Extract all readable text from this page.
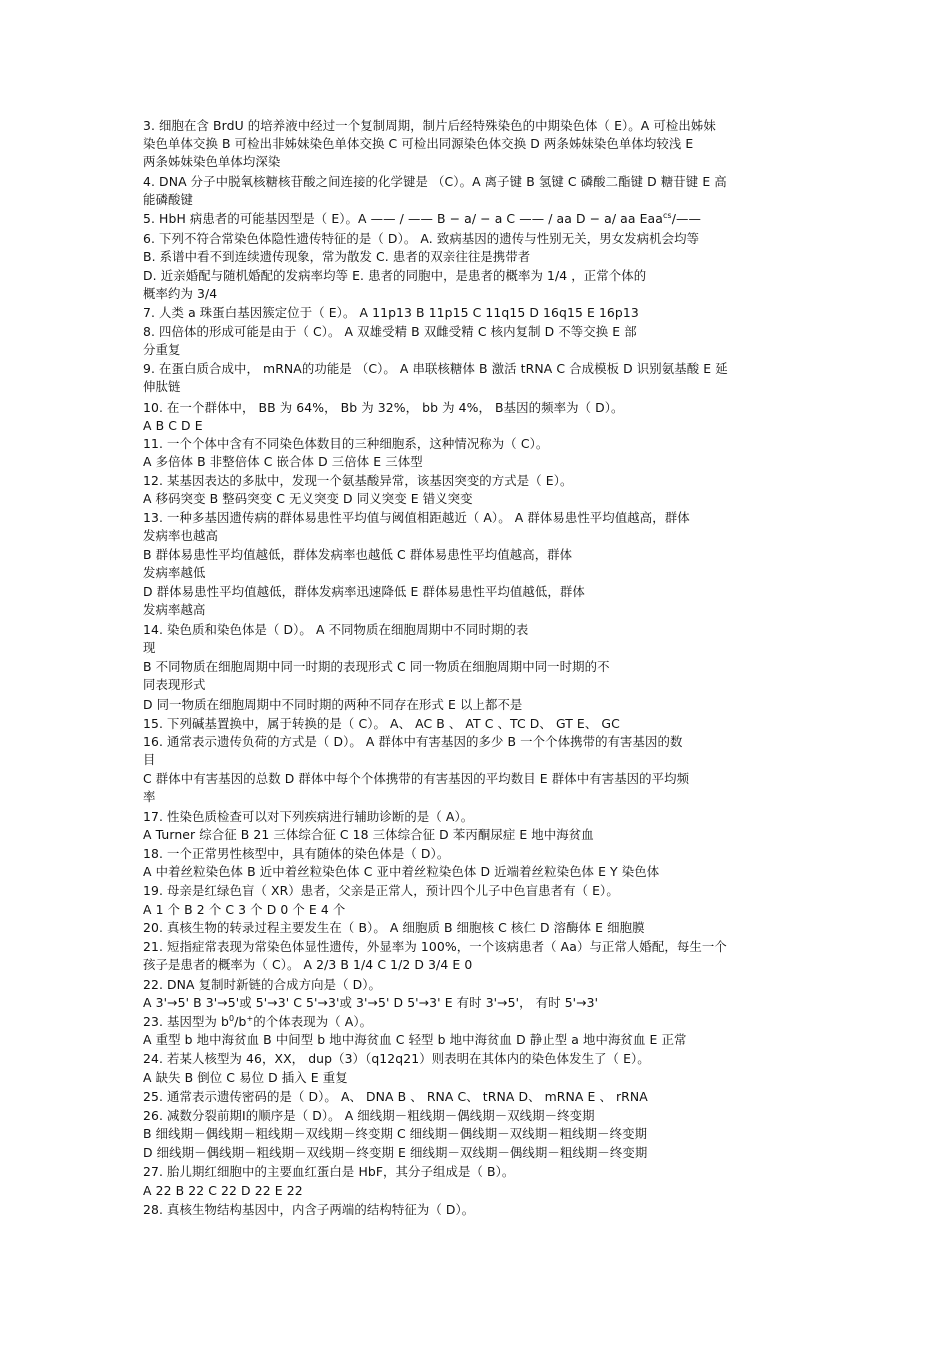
3. 细胞在含 BrdU 的培养液中经过一个复制周期，制片后经特殊染色的中期染色体（ E）。A 可检出姊妹
染色单体交换 B 可检出非姊妹染色单体交换 C 可检出同源染色体交换 D 两条姊妹染色单体均较浅 E
两条姊妹染色单体均深染
4. DNA 分子中脱氧核糖核苷酸之间连接的化学键是 （C）。A 离子键 B 氢键 C 磷酸二酯键 D 糖苷键 E 高
能磷酸键
5. HbH 病患者的可能基因型是（ E）。A —— / —— B − a/ − a C —— / aa D − a/ aa Eaa$^{cs}$/——
6. 下列不符合常染色体隐性遗传特征的是（ D）。 A. 致病基因的遗传与性别无关，男女发病机会均等
B. 系谱中看不到连续遗传现象，常为散发 C. 患者的双亲往往是携带者
D. 近亲婚配与随机婚配的发病率均等 E. 患者的同胞中，是患者的概率为 1/4 ，正常个体的
概率约为 3/4
7. 人类 a 珠蛋白基因簇定位于（ E）。 A 11p13 B 11p15 C 11q15 D 16q15 E 16p13
8. 四倍体的形成可能是由于（ C）。 A 双雄受精 B 双雌受精 C 核内复制 D 不等交换 E 部
分重复
9. 在蛋白质合成中， mRNA的功能是 （C）。 A 串联核糖体 B 激活 tRNA C 合成模板 D 识别氨基酸 E 延
伸肽链
10. 在一个群体中， BB 为 64%， Bb 为 32%， bb 为 4%， B基因的频率为（ D）。
A B C D E
11. 一个个体中含有不同染色体数目的三种细胞系，这种情况称为（ C）。
A 多倍体 B 非整倍体 C 嵌合体 D 三倍体 E 三体型
12. 某基因表达的多肽中，发现一个氨基酸异常，该基因突变的方式是（ E）。
A 移码突变 B 整码突变 C 无义突变 D 同义突变 E 错义突变
13. 一种多基因遗传病的群体易患性平均值与阈值相距越近（ A）。 A 群体易患性平均值越高，群体
发病率也越高
B 群体易患性平均值越低，群体发病率也越低 C 群体易患性平均值越高，群体
发病率越低
D 群体易患性平均值越低，群体发病率迅速降低 E 群体易患性平均值越低，群体
发病率越高
14. 染色质和染色体是（ D）。 A 不同物质在细胞周期中不同时期的表
现
B 不同物质在细胞周期中同一时期的表现形式 C 同一物质在细胞周期中同一时期的不
同表现形式
D 同一物质在细胞周期中不同时期的两种不同存在形式 E 以上都不是
15. 下列碱基置换中，属于转换的是（ C）。 A、 AC B 、 AT C 、TC D、 GT E、 GC
16. 通常表示遗传负荷的方式是（ D）。 A 群体中有害基因的多少 B 一个个体携带的有害基因的数
目
C 群体中有害基因的总数 D 群体中每个个体携带的有害基因的平均数目 E 群体中有害基因的平均频
率
17. 性染色质检查可以对下列疾病进行辅助诊断的是（ A）。
A Turner 综合征 B 21 三体综合征 C 18 三体综合征 D 苯丙酮尿症 E 地中海贫血
18. 一个正常男性核型中，具有随体的染色体是（ D）。
A 中着丝粒染色体 B 近中着丝粒染色体 C 亚中着丝粒染色体 D 近端着丝粒染色体 E Y 染色体
19. 母亲是红绿色盲（ XR）患者，父亲是正常人，预计四个儿子中色盲患者有（ E）。
A 1 个 B 2 个 C 3 个 D 0 个 E 4 个
20. 真核生物的转录过程主要发生在（ B）。 A 细胞质 B 细胞核 C 核仁 D 溶酶体 E 细胞膜
21. 短指症常表现为常染色体显性遗传，外显率为 100%，一个该病患者（ Aa）与正常人婚配，每生一个
孩子是患者的概率为（ C）。 A 2/3 B 1/4 C 1/2 D 3/4 E 0
22. DNA 复制时新链的合成方向是（ D）。
A 3'→5' B 3'→5'或 5'→3' C 5'→3'或 3'→5' D 5'→3' E 有时 3'→5'， 有时 5'→3'
23. 基因型为 $b^0/b^+$的个体表现为（ A）。
A 重型 b 地中海贫血 B 中间型 b 地中海贫血 C 轻型 b 地中海贫血 D 静止型 a 地中海贫血 E 正常
24. 若某人核型为 46，XX， dup（3）（q12q21）则表明在其体内的染色体发生了（ E）。
A 缺失 B 倒位 C 易位 D 插入 E 重复
25. 通常表示遗传密码的是（ D）。 A、 DNA B 、 RNA C、 tRNA D、 mRNA E 、 rRNA
26. 减数分裂前期Ⅰ的顺序是（ D）。 A 细线期－粗线期－偶线期－双线期－终变期
B 细线期－偶线期－粗线期－双线期－终变期 C 细线期－偶线期－双线期－粗线期－终变期
D 细线期－偶线期－粗线期－双线期－终变期 E 细线期－双线期－偶线期－粗线期－终变期
27. 胎儿期红细胞中的主要血红蛋白是 HbF，其分子组成是（ B）。
A 22 B 22 C 22 D 22 E 22
28. 真核生物结构基因中，内含子两端的结构特征为（ D）。
